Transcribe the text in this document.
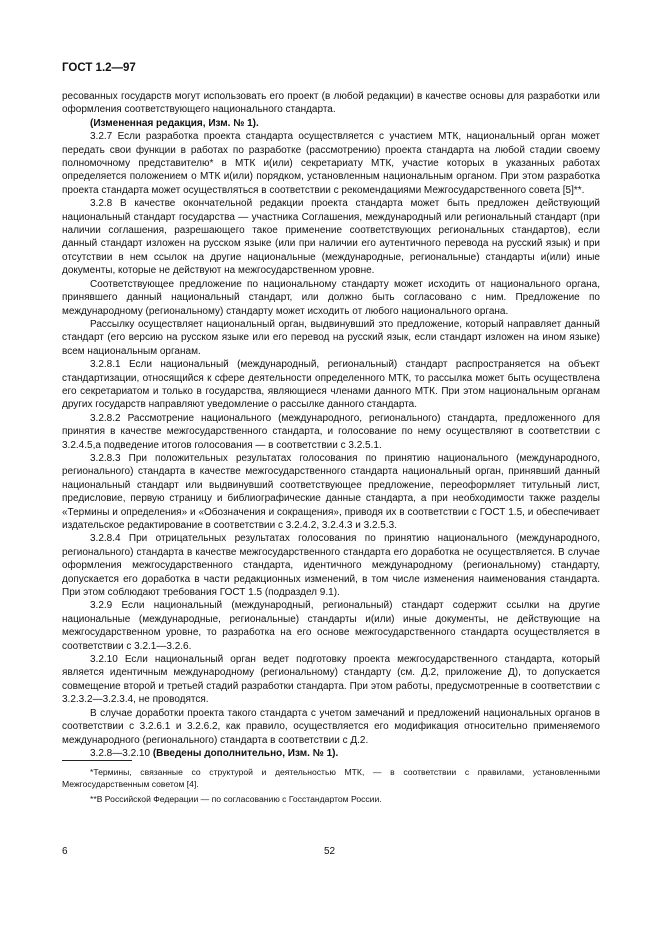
ГОСТ 1.2—97

ресованных государств могут использовать его проект (в любой редакции) в качестве основы для разработки или оформления соответствующего национального стандарта.

(Измененная редакция, Изм. № 1).

3.2.7 Если разработка проекта стандарта осуществляется с участием МТК, национальный орган может передать свои функции в работах по разработке (рассмотрению) проекта стандарта на любой стадии своему полномочному представителю* в МТК и(или) секретариату МТК, участие которых в указанных работах определяется положением о МТК и(или) порядком, установленным национальным органом. При этом разработка проекта стандарта может осуществляться в соответствии с рекомендациями Межгосударственного совета [5]**.

3.2.8 В качестве окончательной редакции проекта стандарта может быть предложен действующий национальный стандарт государства — участника Соглашения, международный или региональный стандарт (при наличии соглашения, разрешающего такое применение соответствующих региональных стандартов), если данный стандарт изложен на русском языке (или при наличии его аутентичного перевода на русский язык) и при отсутствии в нем ссылок на другие национальные (международные, региональные) стандарты и(или) иные документы, которые не действуют на межгосударственном уровне.

Соответствующее предложение по национальному стандарту может исходить от национального органа, принявшего данный национальный стандарт, или должно быть согласовано с ним. Предложение по международному (региональному) стандарту может исходить от любого национального органа.

Рассылку осуществляет национальный орган, выдвинувший это предложение, который направляет данный стандарт (его версию на русском языке или его перевод на русский язык, если стандарт изложен на ином языке) всем национальным органам.

3.2.8.1 Если национальный (международный, региональный) стандарт распространяется на объект стандартизации, относящийся к сфере деятельности определенного МТК, то рассылка может быть осуществлена его секретариатом и только в государства, являющиеся членами данного МТК. При этом национальным органам других государств направляют уведомление о рассылке данного стандарта.

3.2.8.2 Рассмотрение национального (международного, регионального) стандарта, предложенного для принятия в качестве межгосударственного стандарта, и голосование по нему осуществляют в соответствии с 3.2.4.5,а подведение итогов голосования — в соответствии с 3.2.5.1.

3.2.8.3 При положительных результатах голосования по принятию национального (международного, регионального) стандарта в качестве межгосударственного стандарта национальный орган, принявший данный национальный стандарт или выдвинувший соответствующее предложение, переоформляет титульный лист, предисловие, первую страницу и библиографические данные стандарта, а при необходимости также разделы «Термины и определения» и «Обозначения и сокращения», приводя их в соответствии с ГОСТ 1.5, и обеспечивает издательское редактирование в соответствии с 3.2.4.2, 3.2.4.3 и 3.2.5.3.

3.2.8.4 При отрицательных результатах голосования по принятию национального (международного, регионального) стандарта в качестве межгосударственного стандарта его доработка не осуществляется. В случае оформления межгосударственного стандарта, идентичного международному (региональному) стандарту, допускается его доработка в части редакционных изменений, в том числе изменения наименования стандарта. При этом соблюдают требования ГОСТ 1.5 (подраздел 9.1).

3.2.9 Если национальный (международный, региональный) стандарт содержит ссылки на другие национальные (международные, региональные) стандарты и(или) иные документы, не действующие на межгосударственном уровне, то разработка на его основе межгосударственного стандарта осуществляется в соответствии с 3.2.1—3.2.6.

3.2.10 Если национальный орган ведет подготовку проекта межгосударственного стандарта, который является идентичным международному (региональному) стандарту (см. Д.2, приложение Д), то допускается совмещение второй и третьей стадий разработки стандарта. При этом работы, предусмотренные в соответствии с 3.2.3.2—3.2.3.4, не проводятся.

В случае доработки проекта такого стандарта с учетом замечаний и предложений национальных органов в соответствии с 3.2.6.1 и 3.2.6.2, как правило, осуществляется его модификация относительно применяемого международного (регионального) стандарта в соответствии с Д.2.

3.2.8—3.2.10 (Введены дополнительно, Изм. № 1).

*Термины, связанные со структурой и деятельностью МТК, — в соответствии с правилами, установленными Межгосударственным советом [4].

**В Российской Федерации — по согласованию с Госстандартом России.

6	52
